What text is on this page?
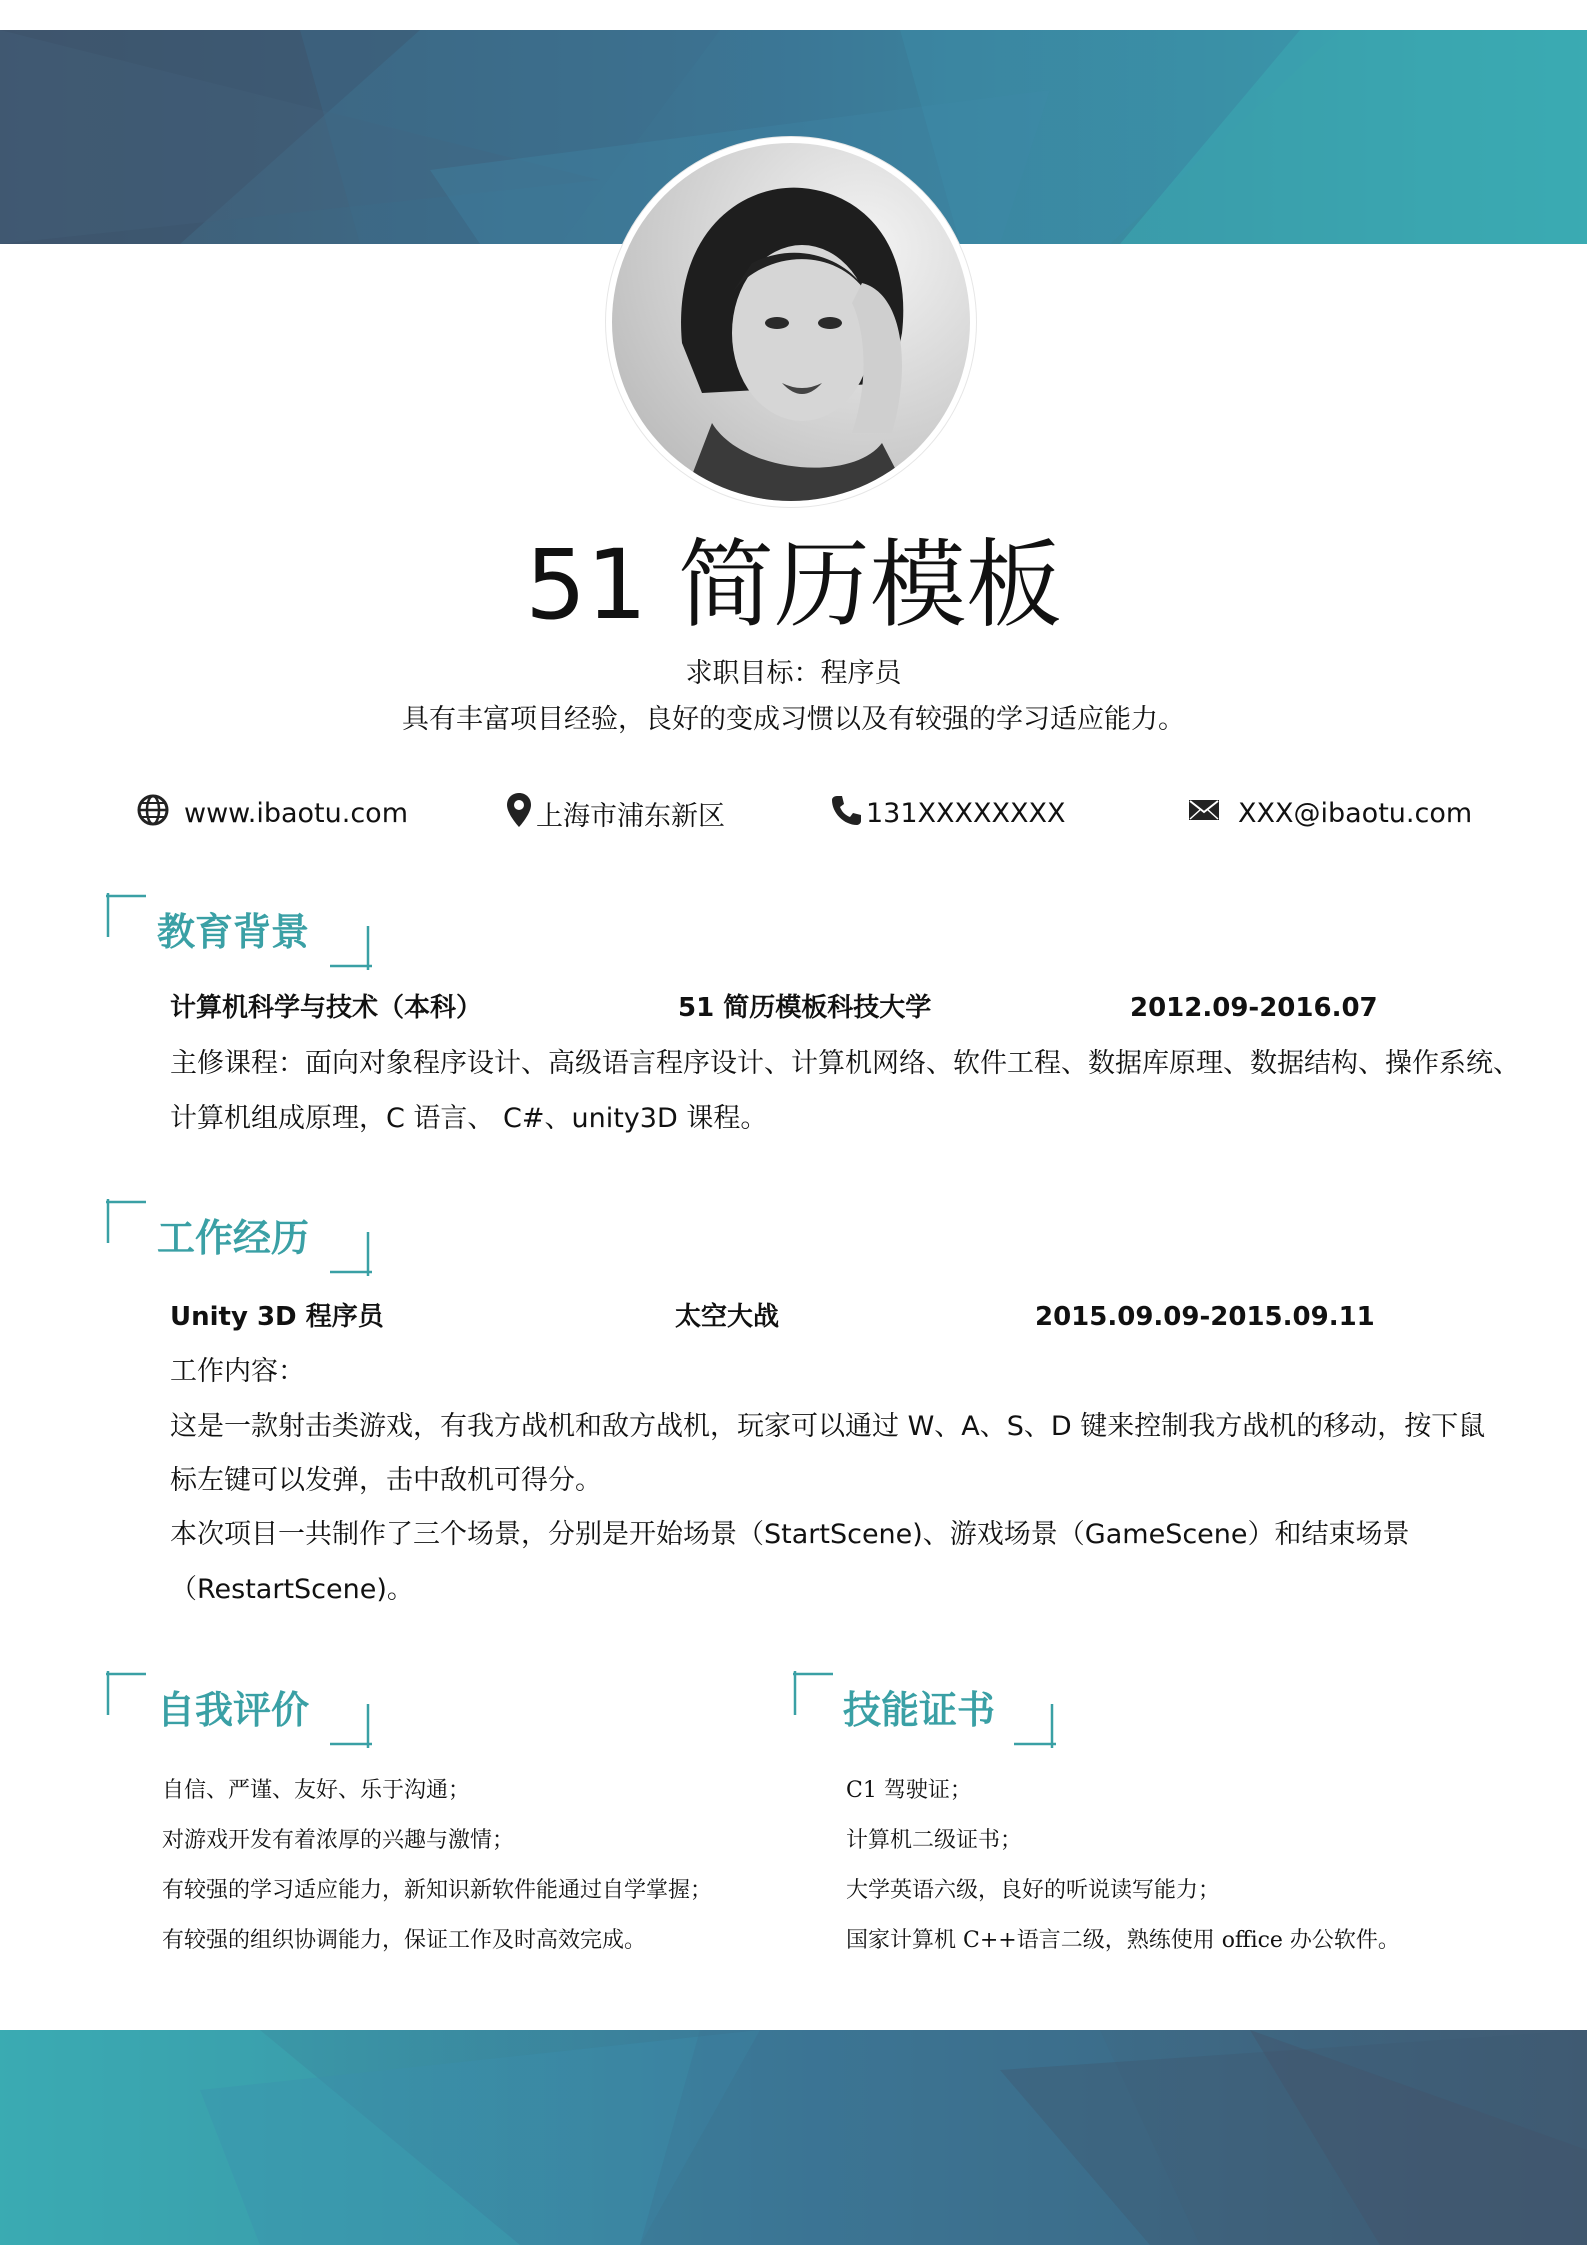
51 简历模板
求职目标：程序员
具有丰富项目经验，良好的变成习惯以及有较强的学习适应能力。
www.ibaotu.com	上海市浦东新区	131XXXXXXXX	XXX@ibaotu.com
教育背景
计算机科学与技术（本科）	51 简历模板科技大学	2012.09-2016.07
主修课程：面向对象程序设计、高级语言程序设计、计算机网络、软件工程、数据库原理、数据结构、操作系统、
计算机组成原理，C 语言、 C#、unity3D 课程。
工作经历
Unity 3D 程序员	太空大战	2015.09.09-2015.09.11
工作内容：
这是一款射击类游戏，有我方战机和敌方战机，玩家可以通过 W、A、S、D 键来控制我方战机的移动，按下鼠
标左键可以发弹，击中敌机可得分。
本次项目一共制作了三个场景，分别是开始场景（StartScene)、游戏场景（GameScene）和结束场景
（RestartScene)。
自我评价
自信、严谨、友好、乐于沟通；
对游戏开发有着浓厚的兴趣与激情；
有较强的学习适应能力，新知识新软件能通过自学掌握；
有较强的组织协调能力，保证工作及时高效完成。
技能证书
C1 驾驶证；
计算机二级证书；
大学英语六级，良好的听说读写能力；
国家计算机 C++语言二级，熟练使用 office 办公软件。
